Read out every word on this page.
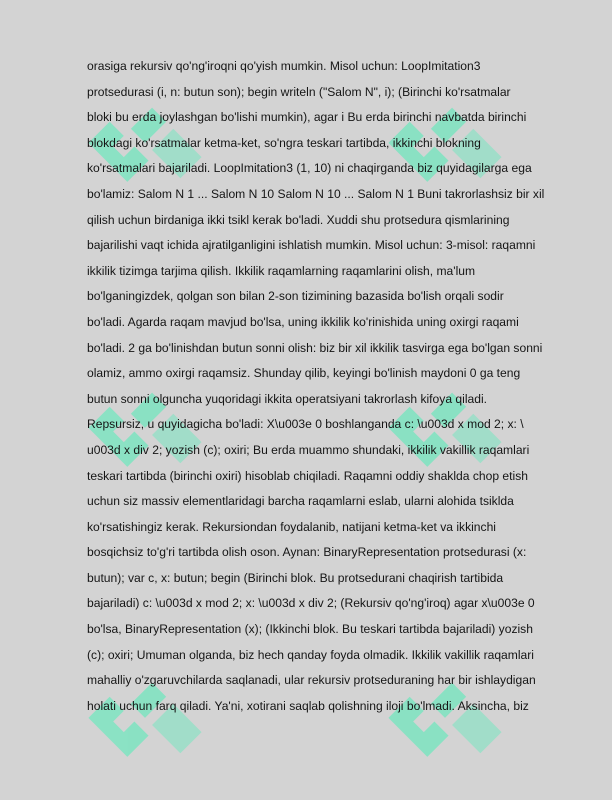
orasiga rekursiv qo'ng'iroqni qo'yish mumkin. Misol uchun: LoopImitation3
protsedurasi (i, n: butun son); begin writeln ("Salom N", i); (Birinchi ko'rsatmalar
bloki bu erda joylashgan bo'lishi mumkin), agar i Bu erda birinchi navbatda birinchi
blokdagi ko'rsatmalar ketma-ket, so'ngra teskari tartibda, ikkinchi blokning
ko'rsatmalari bajariladi. LoopImitation3 (1, 10) ni chaqirganda biz quyidagilarga ega
bo'lamiz: Salom N 1 ... Salom N 10 Salom N 10 ... Salom N 1 Buni takrorlashsiz bir xil
qilish uchun birdaniga ikki tsikl kerak bo'ladi. Xuddi shu protsedura qismlarining
bajarilishi vaqt ichida ajratilganligini ishlatish mumkin. Misol uchun: 3-misol: raqamni
ikkilik tizimga tarjima qilish. Ikkilik raqamlarning raqamlarini olish, ma'lum
bo'lganingizdek, qolgan son bilan 2-son tizimining bazasida bo'lish orqali sodir
bo'ladi. Agarda raqam mavjud bo'lsa, uning ikkilik ko'rinishida uning oxirgi raqami
bo'ladi. 2 ga bo'linishdan butun sonni olish: biz bir xil ikkilik tasvirga ega bo'lgan sonni
olamiz, ammo oxirgi raqamsiz. Shunday qilib, keyingi bo'linish maydoni 0 ga teng
butun sonni olguncha yuqoridagi ikkita operatsiyani takrorlash kifoya qiladi.
Repsursiz, u quyidagicha bo'ladi: X\u003e 0 boshlanganda c: \u003d x mod 2; x: \
u003d x div 2; yozish (c); oxiri; Bu erda muammo shundaki, ikkilik vakillik raqamlari
teskari tartibda (birinchi oxiri) hisoblab chiqiladi. Raqamni oddiy shaklda chop etish
uchun siz massiv elementlaridagi barcha raqamlarni eslab, ularni alohida tsiklda
ko'rsatishingiz kerak. Rekursiondan foydalanib, natijani ketma-ket va ikkinchi
bosqichsiz to'g'ri tartibda olish oson. Aynan: BinaryRepresentation protsedurasi (x:
butun); var c, x: butun; begin (Birinchi blok. Bu protsedurani chaqirish tartibida
bajariladi) c: \u003d x mod 2; x: \u003d x div 2; (Rekursiv qo'ng'iroq) agar x\u003e 0
bo'lsa, BinaryRepresentation (x); (Ikkinchi blok. Bu teskari tartibda bajariladi) yozish
(c); oxiri; Umuman olganda, biz hech qanday foyda olmadik. Ikkilik vakillik raqamlari
mahalliy o'zgaruvchilarda saqlanadi, ular rekursiv protseduraning har bir ishlaydigan
holati uchun farq qiladi. Ya'ni, xotirani saqlab qolishning iloji bo'lmadi. Aksincha, biz
